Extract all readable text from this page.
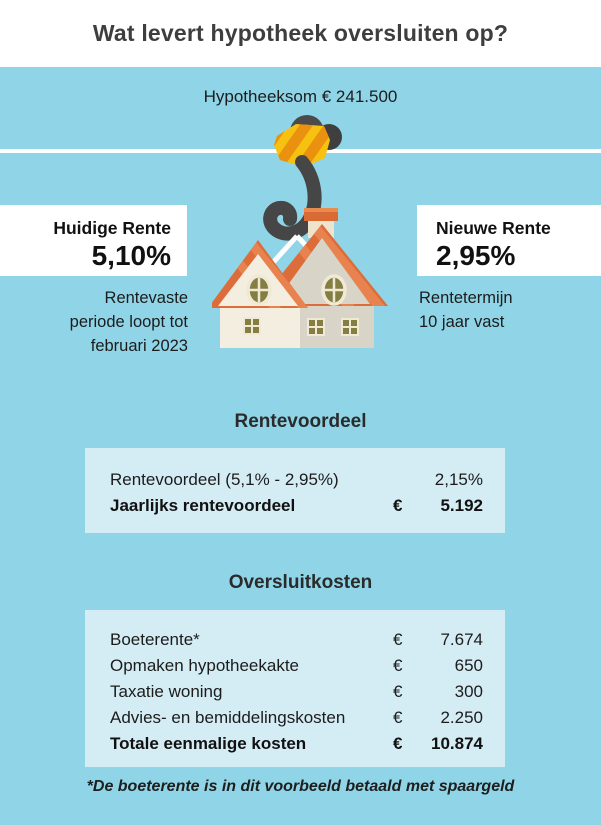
Wat levert hypotheek oversluiten op?
Hypotheeksom € 241.500
Huidige Rente
5,10%
Rentevaste
periode loopt tot
februari 2023
Nieuwe Rente
2,95%
Rentetermijn
10 jaar vast
Rentevoordeel
Rentevoordeel (5,1% - 2,95%)	2,15%
Jaarlijks rentevoordeel	€	5.192
Oversluitkosten
Boeterente*	€	7.674
Opmaken hypotheekakte	€	650
Taxatie woning	€	300
Advies- en bemiddelingskosten	€	2.250
Totale eenmalige kosten	€	10.874
*De boeterente is in dit voorbeeld betaald met spaargeld
